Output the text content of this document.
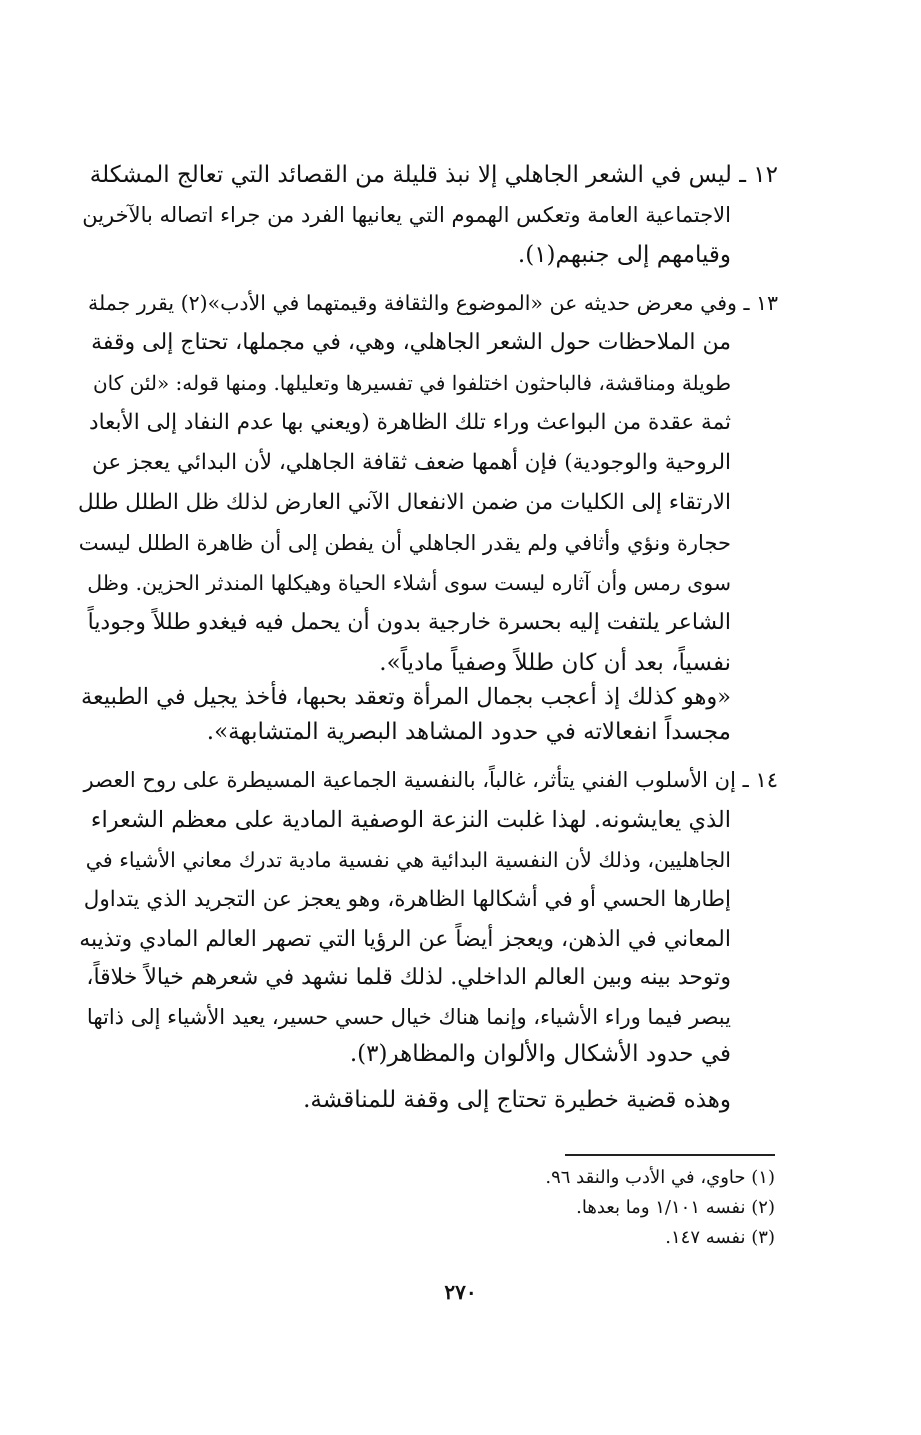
١٢ ـ ليس في الشعر الجاهلي إلا نبذ قليلة من القصائد التي تعالج المشكلة
الاجتماعية العامة وتعكس الهموم التي يعانيها الفرد من جراء اتصاله بالآخرين
وقيامهم إلى جنبهم(١).
١٣ ـ وفي معرض حديثه عن «الموضوع والثقافة وقيمتهما في الأدب»(٢) يقرر جملة
من الملاحظات حول الشعر الجاهلي، وهي، في مجملها، تحتاج إلى وقفة
طويلة ومناقشة، فالباحثون اختلفوا في تفسيرها وتعليلها. ومنها قوله: «لئن كان
ثمة عقدة من البواعث وراء تلك الظاهرة (ويعني بها عدم النفاد إلى الأبعاد
الروحية والوجودية) فإن أهمها ضعف ثقافة الجاهلي، لأن البدائي يعجز عن
الارتقاء إلى الكليات من ضمن الانفعال الآني العارض لذلك ظل الطلل طلل
حجارة ونؤي وأثافي ولم يقدر الجاهلي أن يفطن إلى أن ظاهرة الطلل ليست
سوى رمس وأن آثاره ليست سوى أشلاء الحياة وهيكلها المندثر الحزين. وظل
الشاعر يلتفت إليه بحسرة خارجية بدون أن يحمل فيه فيغدو طللاً وجودياً
نفسياً، بعد أن كان طللاً وصفياً مادياً».
«وهو كذلك إذ أعجب بجمال المرأة وتعقد بحبها، فأخذ يجيل في الطبيعة
مجسداً انفعالاته في حدود المشاهد البصرية المتشابهة».
١٤ ـ إن الأسلوب الفني يتأثر، غالباً، بالنفسية الجماعية المسيطرة على روح العصر
الذي يعايشونه. لهذا غلبت النزعة الوصفية المادية على معظم الشعراء
الجاهليين، وذلك لأن النفسية البدائية هي نفسية مادية تدرك معاني الأشياء في
إطارها الحسي أو في أشكالها الظاهرة، وهو يعجز عن التجريد الذي يتداول
المعاني في الذهن، ويعجز أيضاً عن الرؤيا التي تصهر العالم المادي وتذيبه
وتوحد بينه وبين العالم الداخلي. لذلك قلما نشهد في شعرهم خيالاً خلاقاً،
يبصر فيما وراء الأشياء، وإنما هناك خيال حسي حسير، يعيد الأشياء إلى ذاتها
في حدود الأشكال والألوان والمظاهر(٣).
وهذه قضية خطيرة تحتاج إلى وقفة للمناقشة.
(١) حاوي، في الأدب والنقد ٩٦.
(٢) نفسه ١/١٠١ وما بعدها.
(٣) نفسه ١٤٧.
٢٧٠
